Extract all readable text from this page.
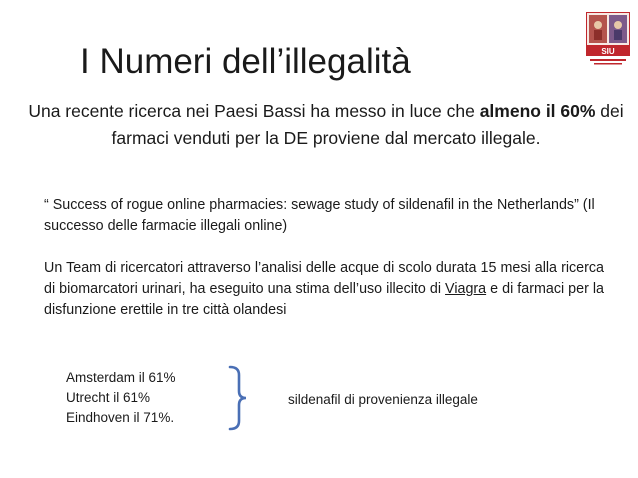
I Numeri dell’illegalità	SIU
Una recente ricerca nei Paesi Bassi ha messo in luce che almeno il 60% dei farmaci venduti per la DE proviene dal mercato illegale.
“ Success of rogue online pharmacies: sewage study of sildenafil in the Netherlands” (Il successo delle farmacie illegali online)
Un Team di ricercatori attraverso l’analisi delle acque di scolo durata 15 mesi alla ricerca di biomarcatori urinari, ha eseguito una stima dell’uso illecito di Viagra e di farmaci per la disfunzione erettile in tre città olandesi
Amsterdam il 61%
Utrecht il 61%
Eindhoven il 71%.
sildenafil di provenienza illegale
